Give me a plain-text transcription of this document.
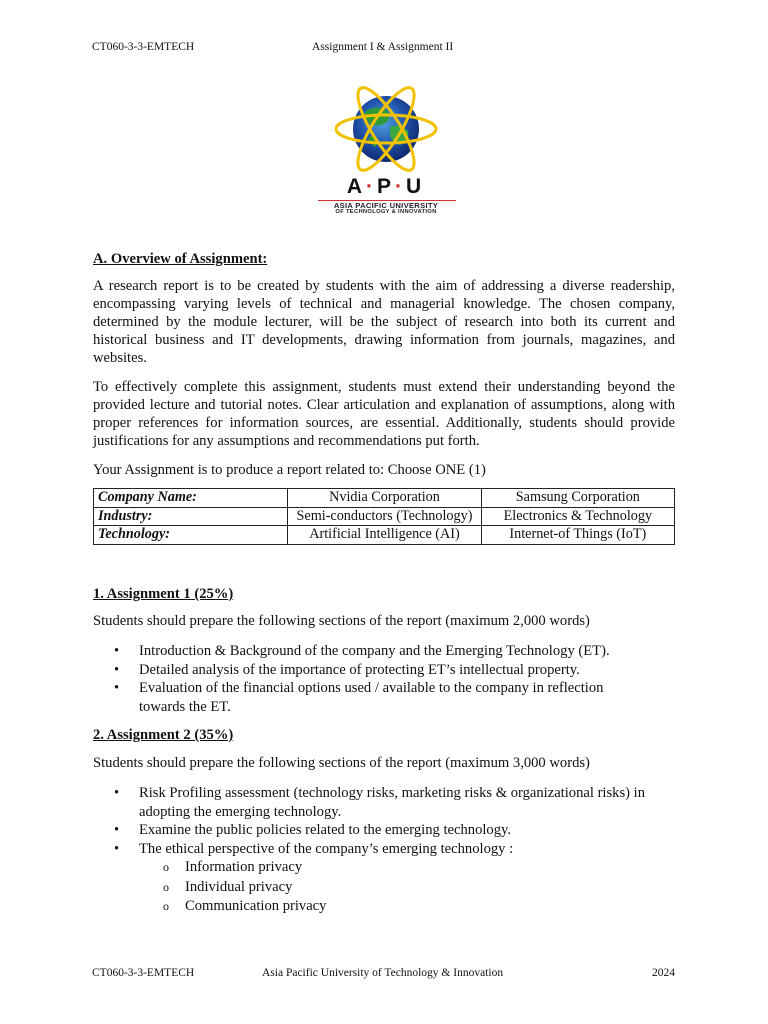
CT060-3-3-EMTECH	Assignment I & Assignment II
A·P·U
ASIA PACIFIC UNIVERSITY
OF TECHNOLOGY & INNOVATION
A. Overview of Assignment:
A research report is to be created by students with the aim of addressing a diverse readership, encompassing varying levels of technical and managerial knowledge. The chosen company, determined by the module lecturer, will be the subject of research into both its current and historical business and IT developments, drawing information from journals, magazines, and websites.
To effectively complete this assignment, students must extend their understanding beyond the provided lecture and tutorial notes. Clear articulation and explanation of assumptions, along with proper references for information sources, are essential. Additionally, students should provide justifications for any assumptions and recommendations put forth.
Your Assignment is to produce a report related to: Choose ONE (1)
Company Name:	Nvidia Corporation	Samsung Corporation
Industry:	Semi-conductors (Technology)	Electronics & Technology
Technology:	Artificial Intelligence (AI)	Internet-of Things (IoT)
1. Assignment 1 (25%)
Students should prepare the following sections of the report (maximum 2,000 words)
• Introduction & Background of the company and the Emerging Technology (ET).
• Detailed analysis of the importance of protecting ET’s intellectual property.
• Evaluation of the financial options used / available to the company in reflection towards the ET.
2. Assignment 2 (35%)
Students should prepare the following sections of the report (maximum 3,000 words)
• Risk Profiling assessment (technology risks, marketing risks & organizational risks) in adopting the emerging technology.
• Examine the public policies related to the emerging technology.
• The ethical perspective of the company’s emerging technology :
o Information privacy
o Individual privacy
o Communication privacy
CT060-3-3-EMTECH	Asia Pacific University of Technology & Innovation	2024
